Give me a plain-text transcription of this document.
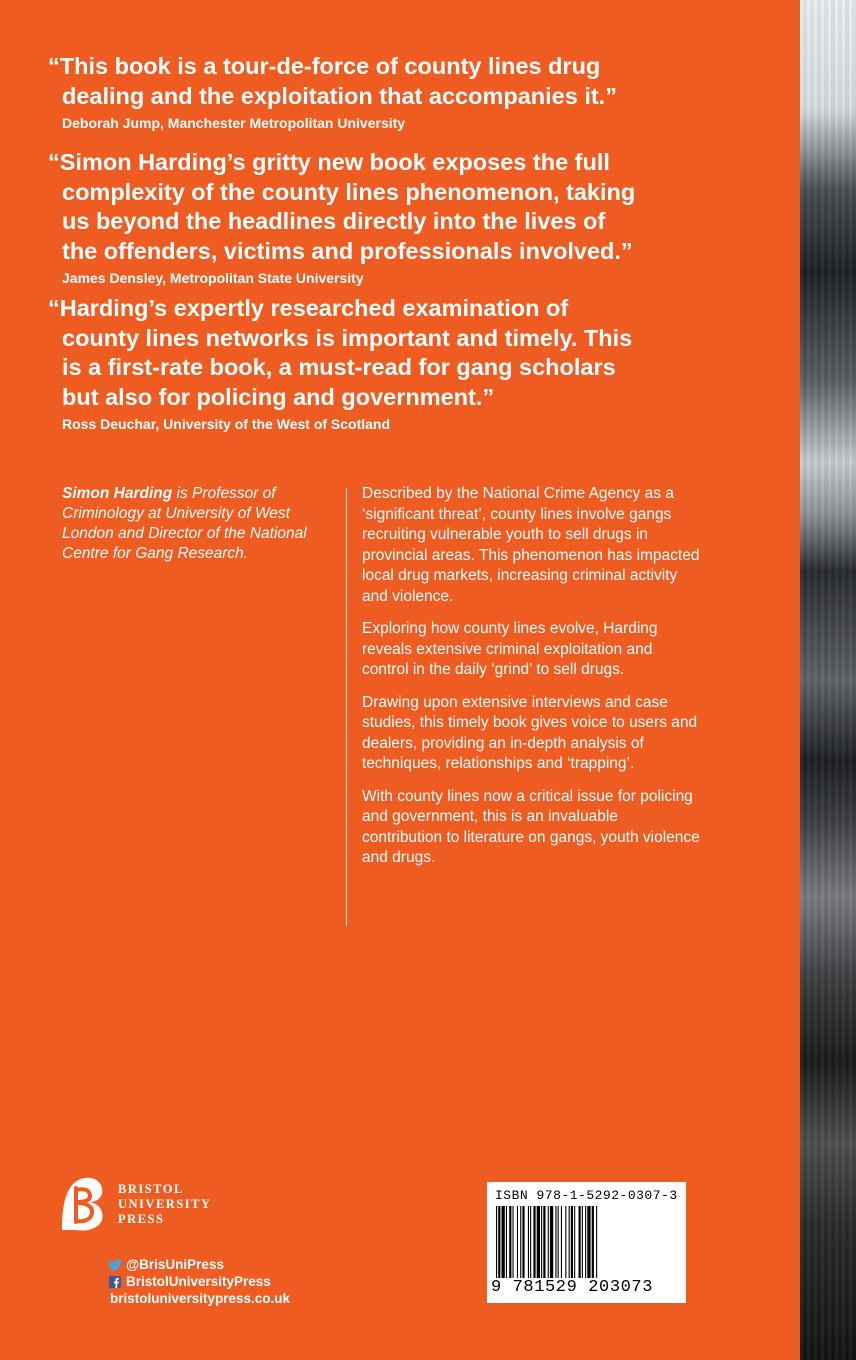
“This book is a tour-de-force of county lines drug
dealing and the exploitation that accompanies it.”
Deborah Jump, Manchester Metropolitan University
“Simon Harding’s gritty new book exposes the full
complexity of the county lines phenomenon, taking
us beyond the headlines directly into the lives of
the offenders, victims and professionals involved.”
James Densley, Metropolitan State University
“Harding’s expertly researched examination of
county lines networks is important and timely. This
is a first-rate book, a must-read for gang scholars
but also for policing and government.”
Ross Deuchar, University of the West of Scotland
Simon Harding is Professor of Criminology at University of West London and Director of the National Centre for Gang Research.

Described by the National Crime Agency as a ‘significant threat’, county lines involve gangs recruiting vulnerable youth to sell drugs in provincial areas. This phenomenon has impacted local drug markets, increasing criminal activity and violence.

Exploring how county lines evolve, Harding reveals extensive criminal exploitation and control in the daily ‘grind’ to sell drugs.

Drawing upon extensive interviews and case studies, this timely book gives voice to users and dealers, providing an in-depth analysis of techniques, relationships and ‘trapping’.

With county lines now a critical issue for policing and government, this is an invaluable contribution to literature on gangs, youth violence and drugs.

BRISTOL
UNIVERSITY
PRESS
@BrisUniPress
BristolUniversityPress
bristoluniversitypress.co.uk
ISBN 978-1-5292-0307-3
9 781529 203073
